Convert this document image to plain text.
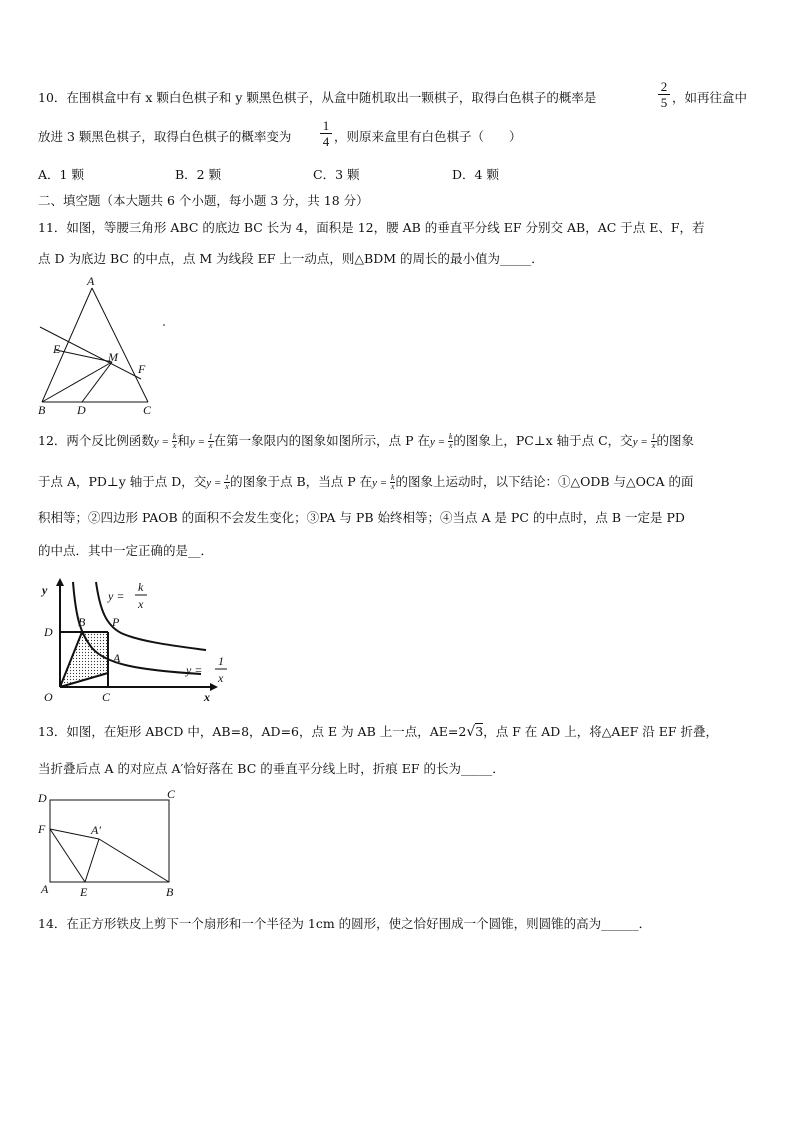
10．在围棋盒中有 x 颗白色棋子和 y 颗黑色棋子，从盒中随机取出一颗棋子，取得白色棋子的概率是	$\frac{2}{5}$ ，如再往盒中
放进 3 颗黑色棋子，取得白色棋子的概率变为 $\frac{1}{4}$ ，则原来盒里有白色棋子（　　）
A．1 颗	B．2 颗	C．3 颗	D．4 颗
二、填空题（本大题共 6 个小题，每小题 3 分，共 18 分）
11．如图，等腰三角形 ABC 的底边 BC 长为 4，面积是 12，腰 AB 的垂直平分线 EF 分别交 AB，AC 于点 E、F，若
点 D 为底边 BC 的中点，点 M 为线段 EF 上一动点，则△BDM 的周长的最小值为_____．
A
E
M
F
B	D	C
12．两个反比例函数$y = \frac{k}{x}$ 和$y = \frac{1}{x}$ 在第一象限内的图象如图所示，点 P 在$y = \frac{k}{x}$ 的图象上，PC⊥x 轴于点 C，交$y = \frac{1}{x}$ 的图象
于点 A，PD⊥y 轴于点 D，交$y = \frac{1}{x}$ 的图象于点 B，当点 P 在$y = \frac{k}{x}$ 的图象上运动时，以下结论：①△ODB 与△OCA 的面
积相等；②四边形 PAOB 的面积不会发生变化；③PA 与 PB 始终相等；④当点 A 是 PC 的中点时，点 B 一定是 PD
的中点．其中一定正确的是__．
y
x
O
D
B P
A
C
y =
k
x
y =
1
x
13．如图，在矩形 ABCD 中，AB=8，AD=6，点 E 为 AB 上一点，AE=2√3，点 F 在 AD 上，将△AEF 沿 EF 折叠，
当折叠后点 A 的对应点 A′恰好落在 BC 的垂直平分线上时，折痕 EF 的长为_____．
D	C
F	A′
A	E	B
14．在正方形铁皮上剪下一个扇形和一个半径为 1cm 的圆形，使之恰好围成一个圆锥，则圆锥的高为______．
